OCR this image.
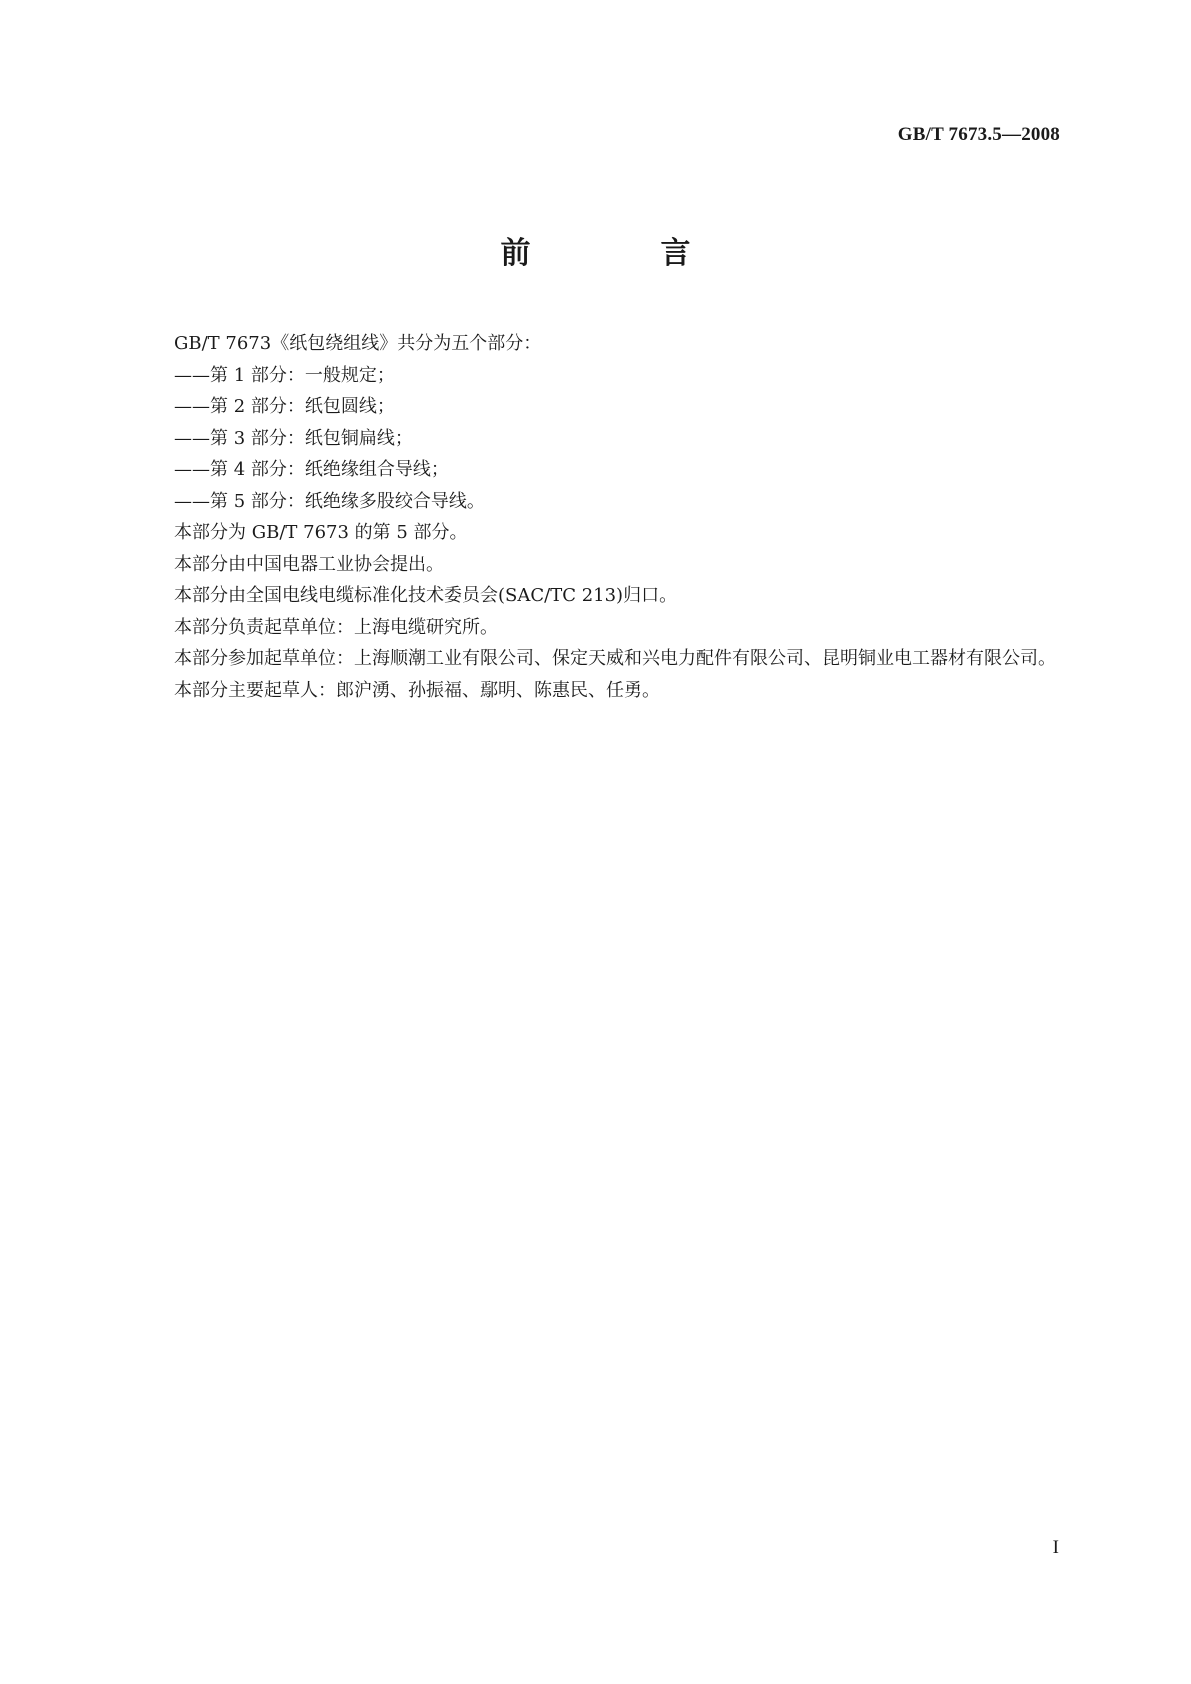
GB/T 7673.5—2008
前　言

GB/T 7673《纸包绕组线》共分为五个部分：

——第 1 部分：一般规定；

——第 2 部分：纸包圆线；

——第 3 部分：纸包铜扁线；

——第 4 部分：纸绝缘组合导线；

——第 5 部分：纸绝缘多股绞合导线。

本部分为 GB/T 7673 的第 5 部分。

本部分由中国电器工业协会提出。

本部分由全国电线电缆标准化技术委员会(SAC/TC 213)归口。

本部分负责起草单位：上海电缆研究所。

本部分参加起草单位：上海顺潮工业有限公司、保定天威和兴电力配件有限公司、昆明铜业电工器材有限公司。

本部分主要起草人：郎沪湧、孙振福、鄢明、陈惠民、任勇。

I
